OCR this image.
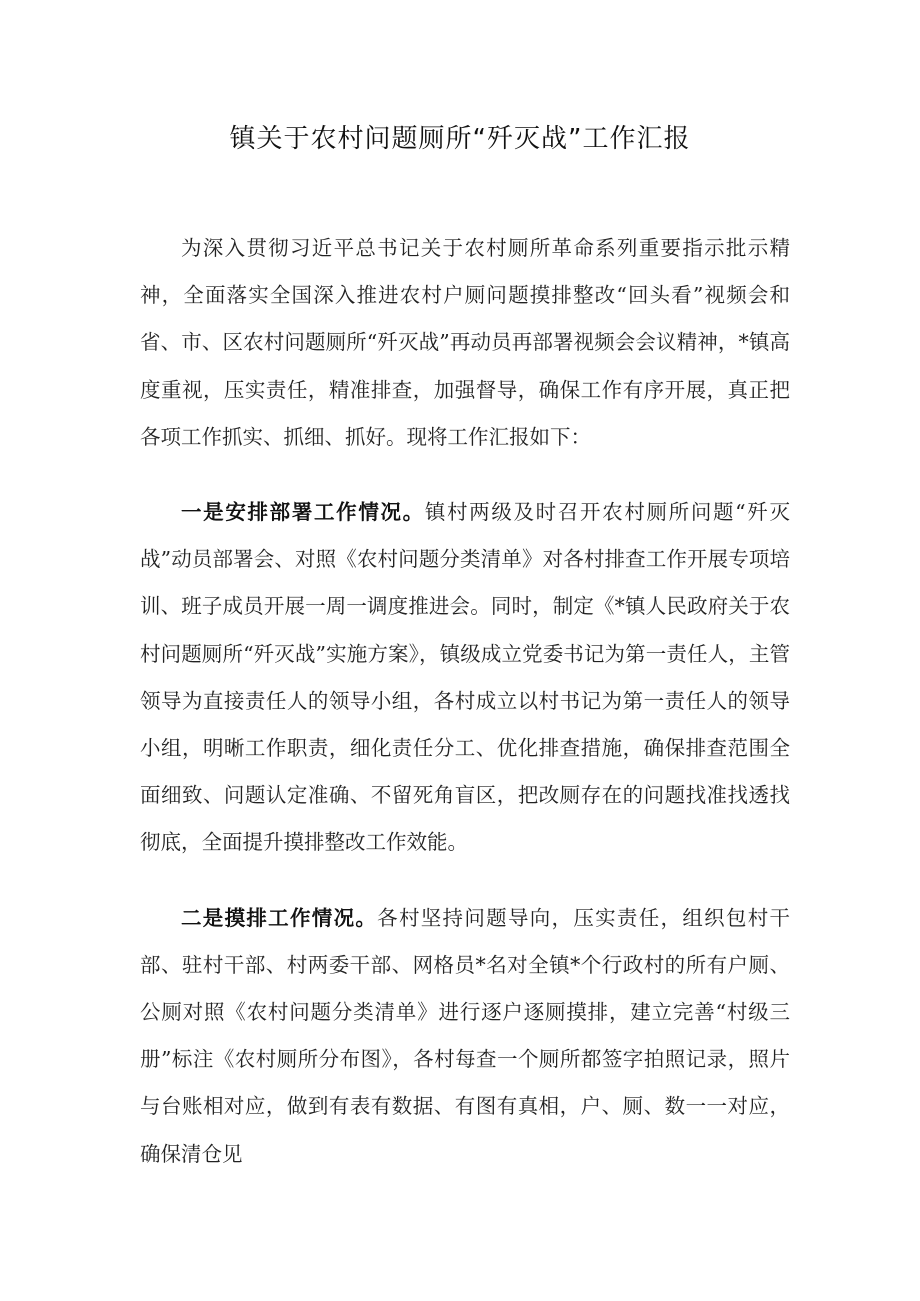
镇关于农村问题厕所“歼灭战”工作汇报

为深入贯彻习近平总书记关于农村厕所革命系列重要指示批示精神，全面落实全国深入推进农村户厕问题摸排整改“回头看”视频会和省、市、区农村问题厕所“歼灭战”再动员再部署视频会会议精神，*镇高度重视，压实责任，精准排查，加强督导，确保工作有序开展，真正把各项工作抓实、抓细、抓好。现将工作汇报如下：

一是安排部署工作情况。镇村两级及时召开农村厕所问题“歼灭战”动员部署会、对照《农村问题分类清单》对各村排查工作开展专项培训、班子成员开展一周一调度推进会。同时，制定《*镇人民政府关于农村问题厕所“歼灭战”实施方案》，镇级成立党委书记为第一责任人，主管领导为直接责任人的领导小组，各村成立以村书记为第一责任人的领导小组，明晰工作职责，细化责任分工、优化排查措施，确保排查范围全面细致、问题认定准确、不留死角盲区，把改厕存在的问题找准找透找彻底，全面提升摸排整改工作效能。

二是摸排工作情况。各村坚持问题导向，压实责任，组织包村干部、驻村干部、村两委干部、网格员*名对全镇*个行政村的所有户厕、公厕对照《农村问题分类清单》进行逐户逐厕摸排，建立完善“村级三册”标注《农村厕所分布图》，各村每查一个厕所都签字拍照记录，照片与台账相对应，做到有表有数据、有图有真相，户、厕、数一一对应，确保清仓见
